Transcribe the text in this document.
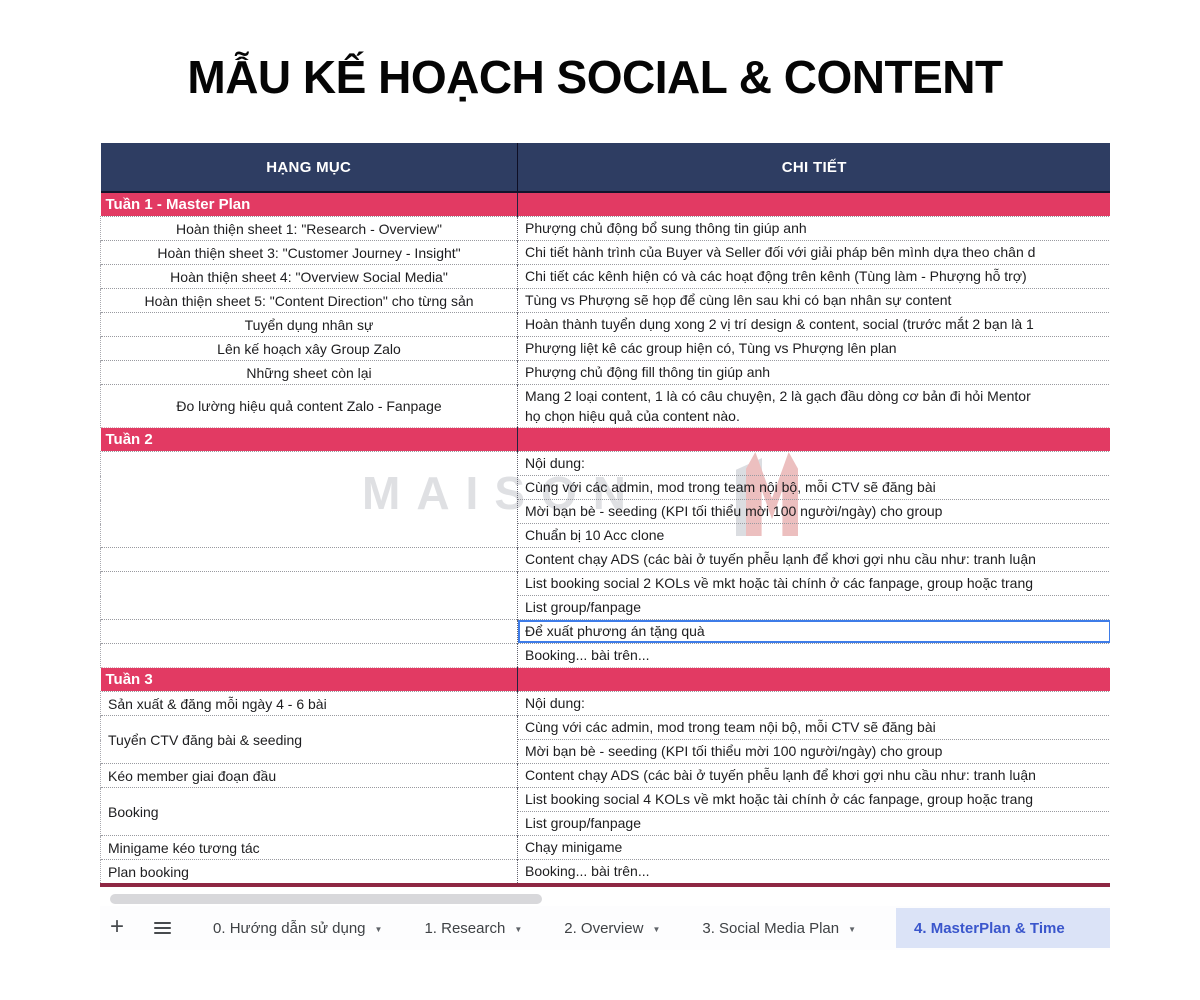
MẪU KẾ HOẠCH SOCIAL & CONTENT
MAISON
HẠNG MỤC	CHI TIẾT
Tuần 1 - Master Plan	
Hoàn thiện sheet 1: "Research - Overview"	Phượng chủ động bổ sung thông tin giúp anh

Hoàn thiện sheet 3: "Customer Journey - Insight"	Chi tiết hành trình của Buyer và Seller đối với giải pháp bên mình dựa theo chân d

Hoàn thiện sheet 4: "Overview Social Media"	Chi tiết các kênh hiện có và các hoạt động trên kênh (Tùng làm - Phượng hỗ trợ)

Hoàn thiện sheet 5: "Content Direction" cho từng sản	Tùng vs Phượng sẽ họp để cùng lên sau khi có bạn nhân sự content

Tuyển dụng nhân sự	Hoàn thành tuyển dụng xong 2 vị trí design & content, social (trước mắt 2 bạn là 1

Lên kế hoạch xây Group Zalo	Phượng liệt kê các group hiện có, Tùng vs Phượng lên plan

Những sheet còn lại	Phượng chủ động fill thông tin giúp anh

Đo lường hiệu quả content Zalo - Fanpage	Mang 2 loại content, 1 là có câu chuyện, 2 là gạch đầu dòng cơ bản đi hỏi Mentor
họ chọn hiệu quả của content nào.

Tuần 2	

	Nội dung:

	Cùng với các admin, mod trong team nội bộ, mỗi CTV sẽ đăng bài

	Mời bạn bè - seeding (KPI tối thiểu mời 100 người/ngày) cho group

	Chuẩn bị 10 Acc clone

	Content chạy ADS (các bài ở tuyến phễu lạnh để khơi gợi nhu cầu như: tranh luận

	List booking social 2 KOLs về mkt hoặc tài chính ở các fanpage, group hoặc trang

	List group/fanpage

	Để xuất phương án tặng quà

	Booking... bài trên...

Tuần 3	
Sản xuất & đăng mỗi ngày 4 - 6 bài	Nội dung:

Tuyển CTV đăng bài & seeding	Cùng với các admin, mod trong team nội bộ, mỗi CTV sẽ đăng bài

	Mời bạn bè - seeding (KPI tối thiểu mời 100 người/ngày) cho group

Kéo member giai đoạn đầu	Content chạy ADS (các bài ở tuyến phễu lạnh để khơi gợi nhu cầu như: tranh luận

Booking	List booking social 4 KOLs về mkt hoặc tài chính ở các fanpage, group hoặc trang

	List group/fanpage

Minigame kéo tương tác	Chạy minigame

Plan booking	Booking... bài trên...
+	0. Hướng dẫn sử dụng ▼	1. Research ▼	2. Overview ▼	3. Social Media Plan ▼	4. MasterPlan & Time
